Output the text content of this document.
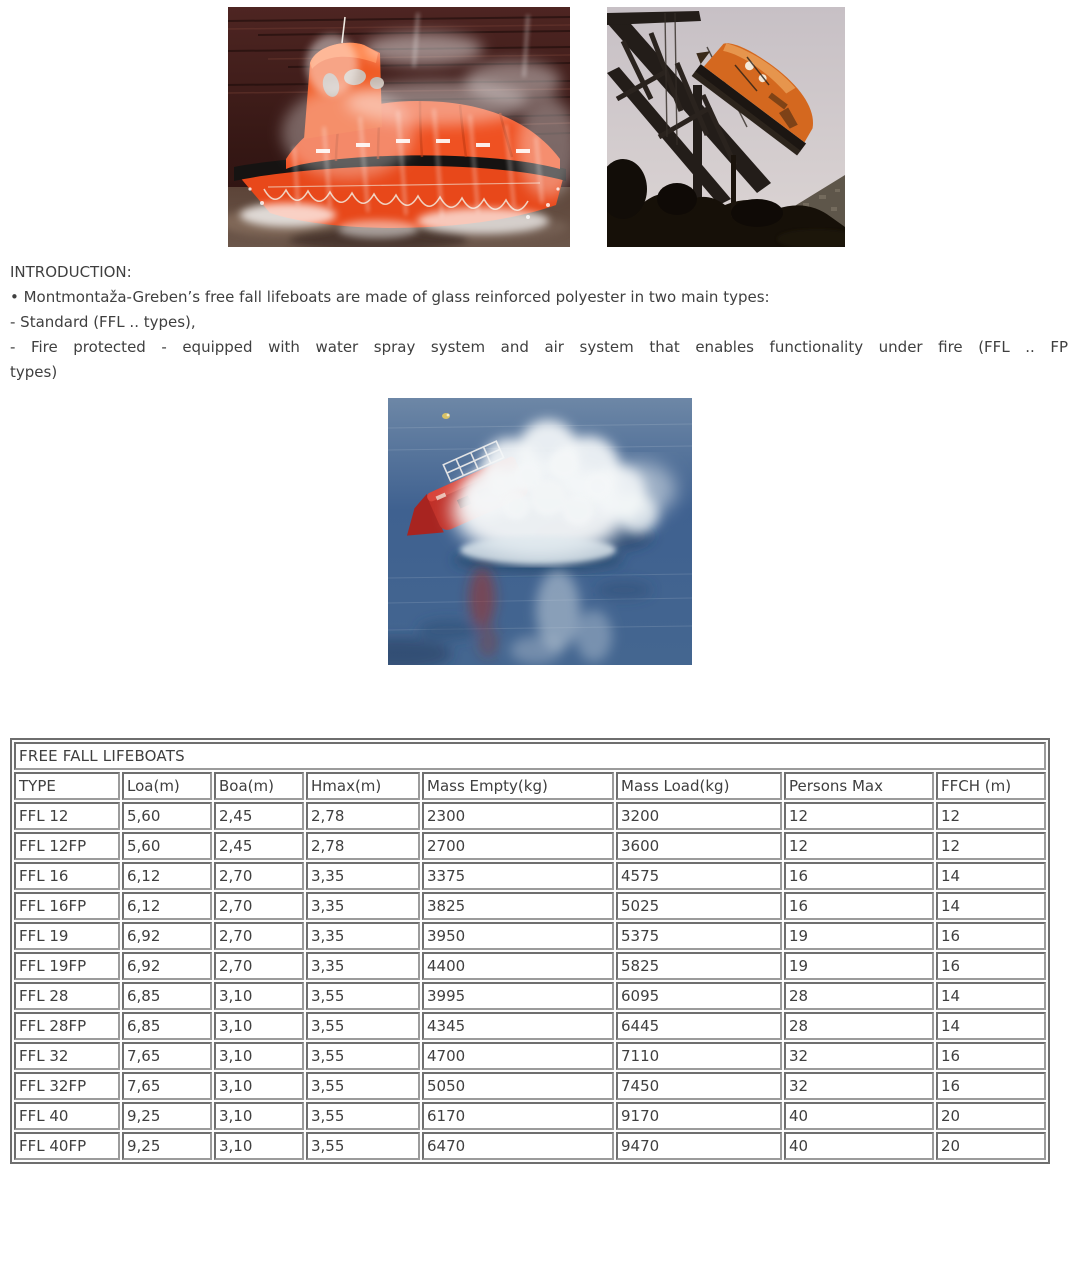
INTRODUCTION:
• Montmontaža-Greben’s free fall lifeboats are made of glass reinforced polyester in two main types:
- Standard (FFL .. types),
- Fire protected - equipped with water spray system and air system that enables functionality under fire (FFL .. FP
types)
FREE FALL LIFEBOATS							
TYPE	Loa(m)	Boa(m)	Hmax(m)	Mass Empty(kg)	Mass Load(kg)	Persons Max	FFCH (m)
FFL 12	5,60	2,45	2,78	2300	3200	12	12
FFL 12FP	5,60	2,45	2,78	2700	3600	12	12
FFL 16	6,12	2,70	3,35	3375	4575	16	14
FFL 16FP	6,12	2,70	3,35	3825	5025	16	14
FFL 19	6,92	2,70	3,35	3950	5375	19	16
FFL 19FP	6,92	2,70	3,35	4400	5825	19	16
FFL 28	6,85	3,10	3,55	3995	6095	28	14
FFL 28FP	6,85	3,10	3,55	4345	6445	28	14
FFL 32	7,65	3,10	3,55	4700	7110	32	16
FFL 32FP	7,65	3,10	3,55	5050	7450	32	16
FFL 40	9,25	3,10	3,55	6170	9170	40	20
FFL 40FP	9,25	3,10	3,55	6470	9470	40	20
